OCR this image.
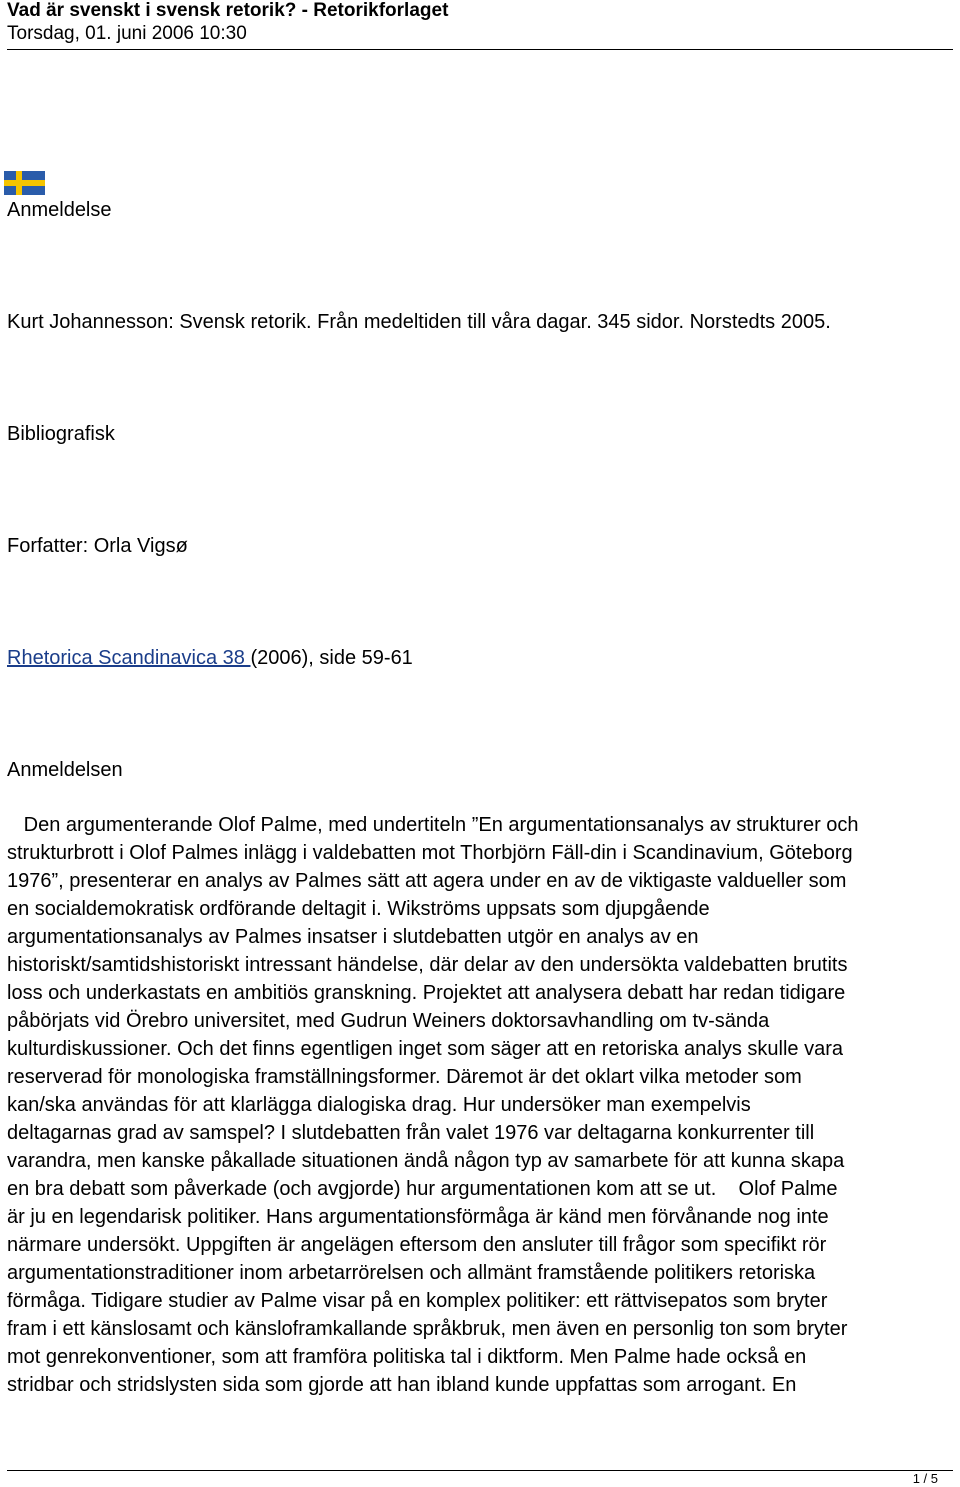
Vad är svenskt i svensk retorik? - Retorikforlaget
Torsdag, 01. juni 2006 10:30
Anmeldelse
Kurt Johannesson: Svensk retorik. Från medeltiden till våra dagar. 345 sidor. Norstedts 2005.
Bibliografisk
Forfatter: Orla Vigsø
Rhetorica Scandinavica 38 (2006), side 59-61
Anmeldelsen

Den argumenterande Olof Palme, med undertiteln ”En argumentationsanalys av strukturer och

strukturbrott i Olof Palmes inlägg i valdebatten mot Thorbjörn Fäll-din i Scandinavium, Göteborg

1976”, presenterar en analys av Palmes sätt att agera under en av de viktigaste valdueller som

en socialdemokratisk ordförande deltagit i. Wikströms uppsats som djupgående

argumentationsanalys av Palmes insatser i slutdebatten utgör en analys av en

historiskt/samtidshistoriskt intressant händelse, där delar av den undersökta valdebatten brutits

loss och underkastats en ambitiös granskning. Projektet att analysera debatt har redan tidigare

påbörjats vid Örebro universitet, med Gudrun Weiners doktorsavhandling om tv-sända

kulturdiskussioner. Och det finns egentligen inget som säger att en retoriska analys skulle vara

reserverad för monologiska framställningsformer. Däremot är det oklart vilka metoder som

kan/ska användas för att klarlägga dialogiska drag. Hur undersöker man exempelvis

deltagarnas grad av samspel? I slutdebatten från valet 1976 var deltagarna konkurrenter till

varandra, men kanske påkallade situationen ändå någon typ av samarbete för att kunna skapa

en bra debatt som påverkade (och avgjorde) hur argumentationen kom att se ut.    Olof Palme

är ju en legendarisk politiker. Hans argumentationsförmåga är känd men förvånande nog inte

närmare undersökt. Uppgiften är angelägen eftersom den ansluter till frågor som specifikt rör

argumentationstraditioner inom arbetarrörelsen och allmänt framstående politikers retoriska

förmåga. Tidigare studier av Palme visar på en komplex politiker: ett rättvisepatos som bryter

fram i ett känslosamt och känsloframkallande språkbruk, men även en personlig ton som bryter

mot genrekonventioner, som att framföra politiska tal i diktform. Men Palme hade också en

stridbar och stridslysten sida som gjorde att han ibland kunde uppfattas som arrogant. En

1 / 5
